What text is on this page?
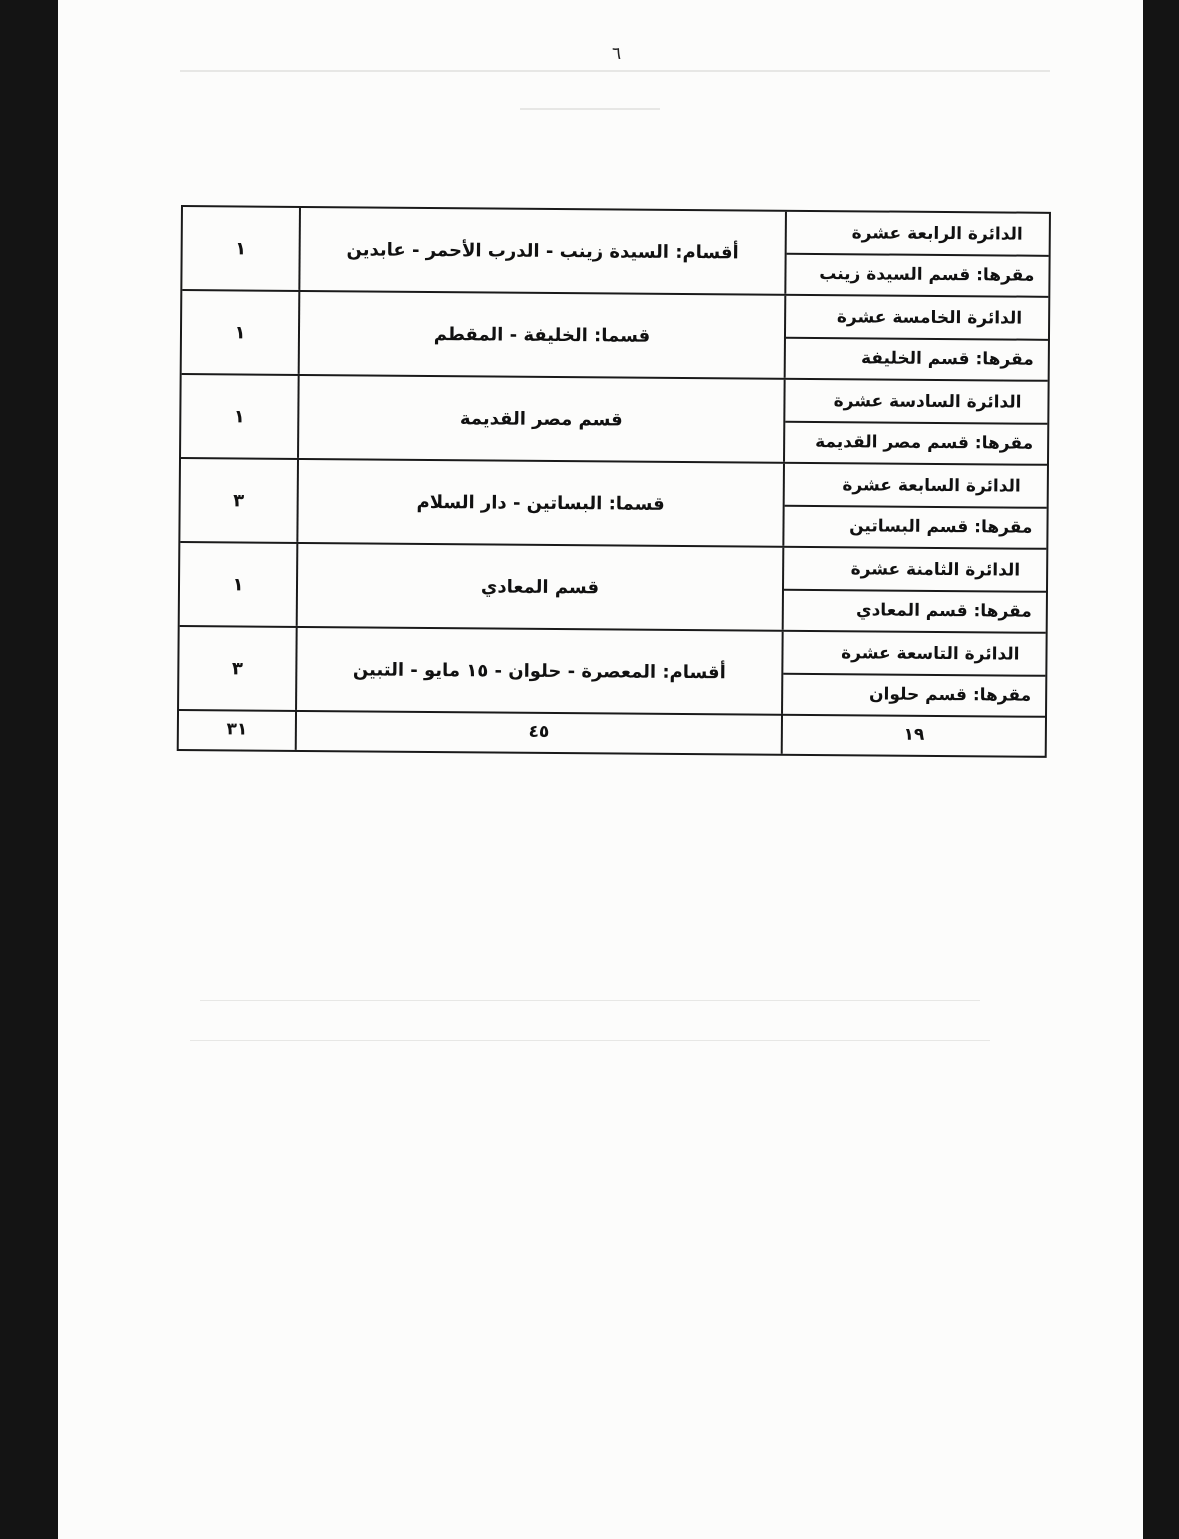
٦
الدائرة الرابعة عشرة
مقرها: قسم السيدة زينب
أقسام: السيدة زينب - الدرب الأحمر - عابدين
١
الدائرة الخامسة عشرة
مقرها: قسم الخليفة
قسما: الخليفة - المقطم
١
الدائرة السادسة عشرة
مقرها: قسم مصر القديمة
قسم مصر القديمة
١
الدائرة السابعة عشرة
مقرها: قسم البساتين
قسما: البساتين - دار السلام
٣
الدائرة الثامنة عشرة
مقرها: قسم المعادي
قسم المعادي
١
الدائرة التاسعة عشرة
مقرها: قسم حلوان
أقسام: المعصرة - حلوان - ١٥ مايو - التبين
٣
١٩
٤٥
٣١
